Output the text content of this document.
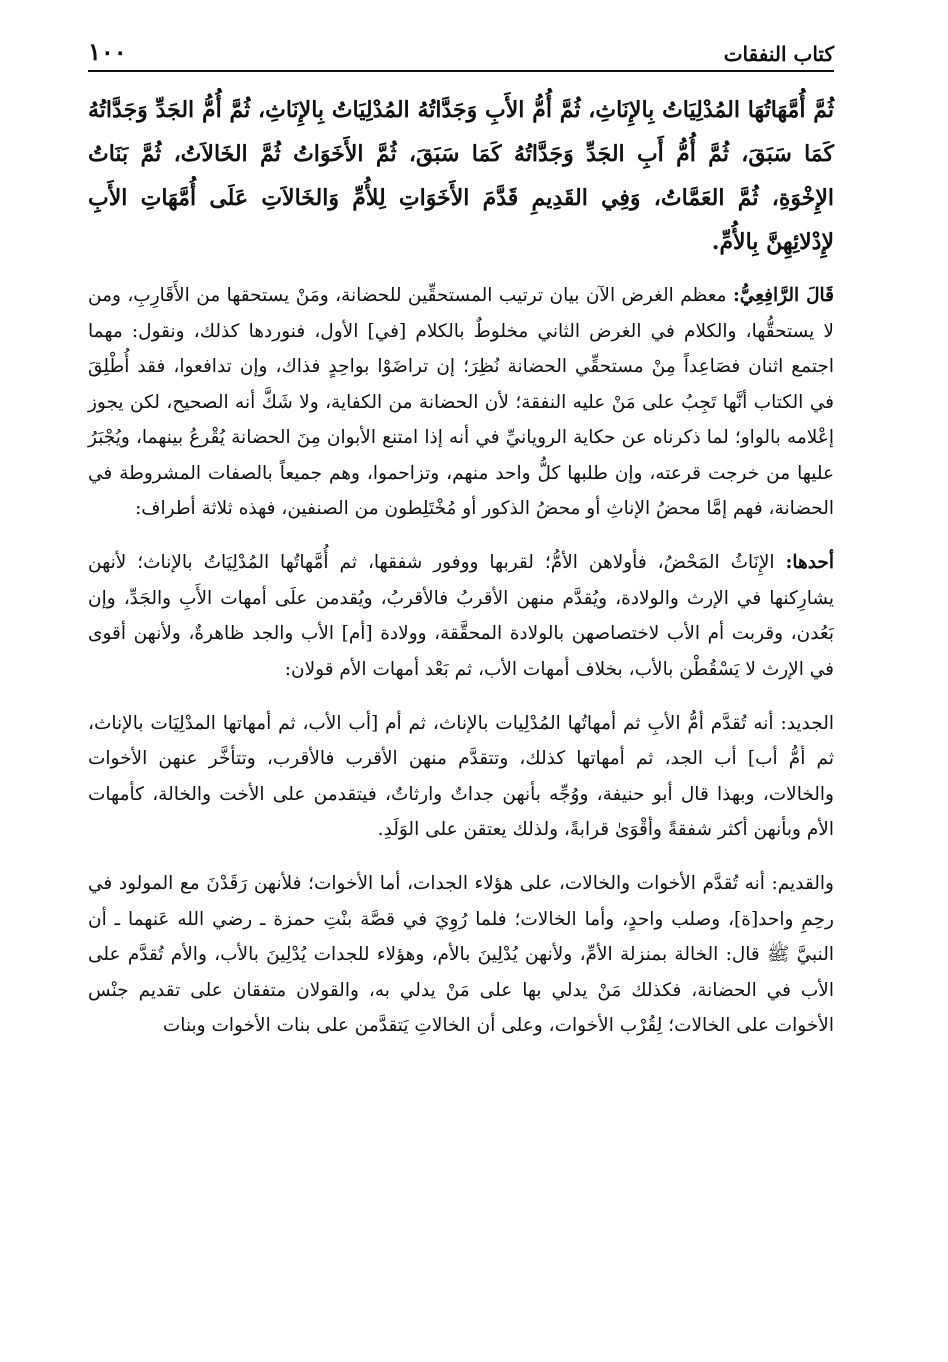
كتاب النفقات
١٠٠
ثُمَّ أُمَّهَاتُهَا المُدْلِيَاتُ بِالإِنَاثِ، ثُمَّ أُمُّ الأَبِ وَجَدَّاتُهُ المُدْلِيَاتُ بِالإِنَاثِ، ثُمَّ أُمُّ الجَدِّ وَجَدَّاتُهُ كَمَا سَبَقَ، ثُمَّ أُمُّ أَبِ الجَدِّ وَجَدَّاتُهُ كَمَا سَبَقَ، ثُمَّ الأَخَوَاتُ ثُمَّ الخَالاَتُ، ثُمَّ بَنَاتُ الإِخْوَةِ، ثُمَّ العَمَّاتُ، وَفِي القَدِيمِ قَدَّمَ الأَخَوَاتِ لِلأُمِّ وَالخَالاَتِ عَلَى أُمَّهَاتِ الأَبِ لإِدْلائِهِنَّ بِالأُمِّ.

قَالَ الرَّافِعِيُّ: معظم الغرض الآن بيان ترتيب المستحقِّين للحضانة، ومَنْ يستحقها من الأَقَارِبِ، ومن لا يستحقُّها، والكلام في الغرض الثاني مخلوطٌ بالكلام [في] الأول، فنوردها كذلك، ونقول: مهما اجتمع اثنان فصَاعِداً مِنْ مستحقِّي الحضانة نُظِرَ؛ إن تراضَوْا بواحِدٍ فذاك، وإن تدافعوا، فقد أُطْلِقَ في الكتاب أنَّها تَجِبُ على مَنْ عليه النفقة؛ لأن الحضانة من الكفاية، ولا شَكَّ أنه الصحيح، لكن يجوز إعْلامه بالواو؛ لما ذكرناه عن حكاية الرويانيِّ في أنه إذا امتنع الأبوان مِنَ الحضانة يُقْرعُ بينهما، ويُجْبَرُ عليها من خرجت قرعته، وإن طلبها كلُّ واحد منهم، وتزاحموا، وهم جميعاً بالصفات المشروطة في الحضانة، فهم إمَّا محضُ الإناثِ أو محضُ الذكور أو مُخْتَلِطون من الصنفين، فهذه ثلاثة أطراف:

أحدها: الإِنَاثُ المَحْضُ، فأولاهن الأمُّ؛ لقربها ووفور شفقها، ثم أُمَّهاتُها المُدْلِيَاتُ بالإناث؛ لأنهن يشارِكنها في الإرث والولادة، ويُقدَّم منهن الأقربُ فالأقربُ، ويُقدمن علَى أمهات الأَبِ والجَدِّ، وإن بَعُدن، وقربت أم الأب لاختصاصهن بالولادة المحقَّقة، وولادة [أم] الأب والجد ظاهرةٌ، ولأنهن أقوى في الإرث لا يَسْقُطْن بالأب، بخلاف أمهات الأب، ثم بَعْد أمهات الأم قولان:

الجديد: أنه تُقدَّم أمُّ الأبِ ثم أمهاتُها المُدْلِيات بالإناث، ثم أم [أب الأب، ثم أمهاتها المدْلِيَات بالإناث، ثم أمُّ أب] أب الجد، ثم أمهاتها كذلك، وتتقدَّم منهن الأقرب فالأقرب، وتتأخَّر عنهن الأخوات والخالات، وبهذا قال أبو حنيفة، ووُجِّه بأنهن جداتٌ وارثاتٌ، فيتقدمن على الأخت والخالة، كأمهات الأم وبأنهن أكثر شفقةً وأقْوَىٰ قرابةً، ولذلك يعتقن على الوَلَدِ.

والقديم: أنه تُقدَّم الأخوات والخالات، على هؤلاء الجدات، أما الأخوات؛ فلأنهن رَقَدْنَ مع المولود في رحِمِ واحد[ة]، وصلب واحدٍ، وأما الخالات؛ فلما رُوِيَ في قصَّة بنْتِ حمزة ـ رضي الله عَنهما ـ أن النبيَّ ﷺ قال: الخالة بمنزلة الأمِّ، ولأنهن يُدْلِينَ بالأم، وهؤلاء للجدات يُدْلِينَ بالأب، والأم تُقدَّم على الأب في الحضانة، فكذلك مَنْ يدلي بها على مَنْ يدلي به، والقولان متفقان على تقديم جنْس الأخوات على الخالات؛ لِقُرْب الأخوات، وعلى أن الخالاتِ يَتقدَّمن على بنات الأخوات وبنات
